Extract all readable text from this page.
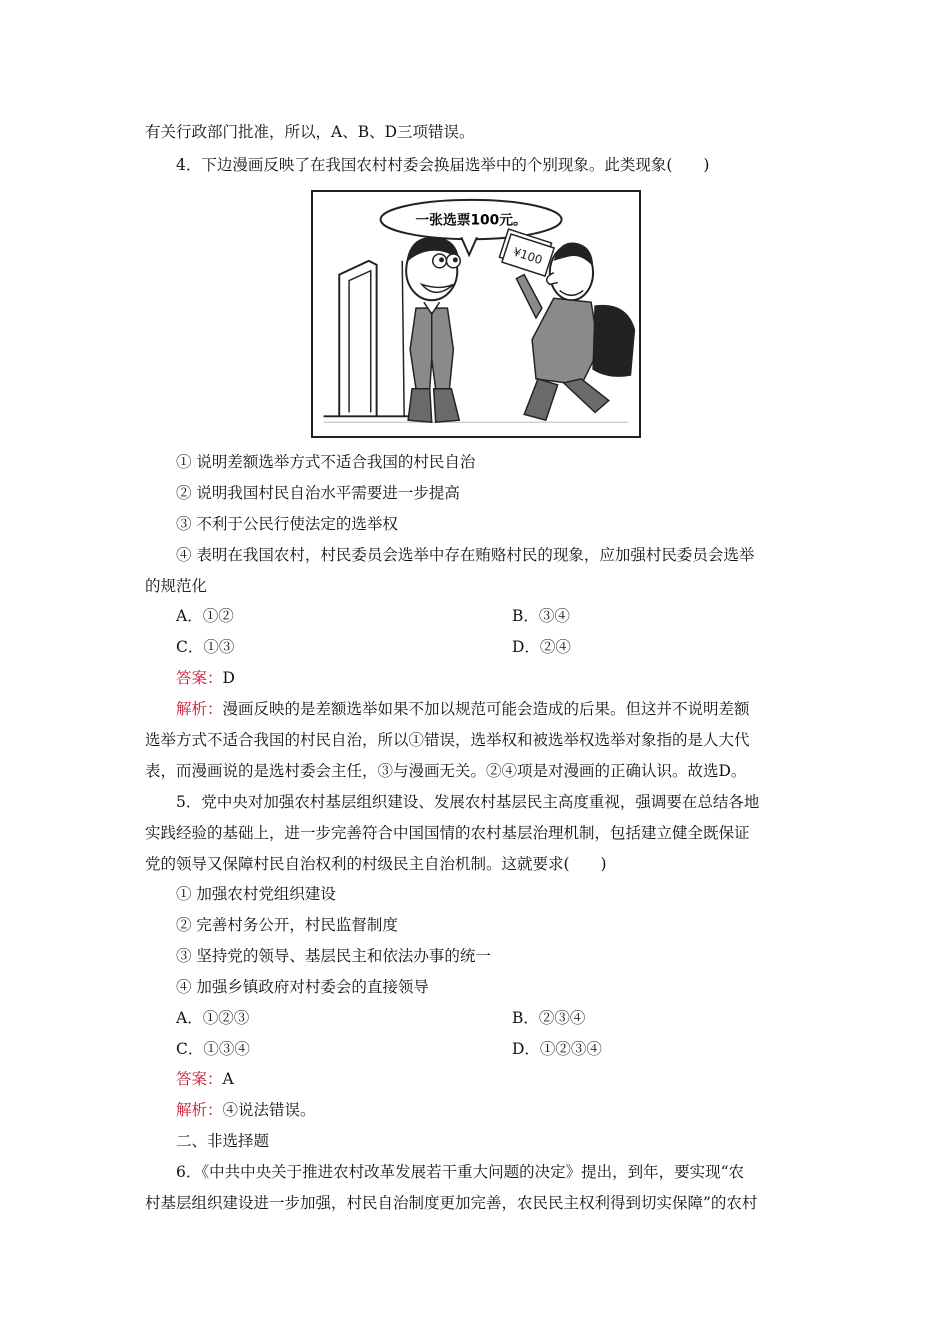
有关行政部门批准，所以，A、B、D三项错误。
4．下边漫画反映了在我国农村村委会换届选举中的个别现象。此类现象(　　)
一张选票100元。
¥100
① 说明差额选举方式不适合我国的村民自治
② 说明我国村民自治水平需要进一步提高
③ 不利于公民行使法定的选举权
④ 表明在我国农村，村民委员会选举中存在贿赂村民的现象，应加强村民委员会选举
的规范化
A．①②	B．③④
C．①③	D．②④
答案：D
解析：漫画反映的是差额选举如果不加以规范可能会造成的后果。但这并不说明差额
选举方式不适合我国的村民自治，所以①错误，选举权和被选举权选举对象指的是人大代
表，而漫画说的是选村委会主任，③与漫画无关。②④项是对漫画的正确认识。故选D。
5．党中央对加强农村基层组织建设、发展农村基层民主高度重视，强调要在总结各地
实践经验的基础上，进一步完善符合中国国情的农村基层治理机制，包括建立健全既保证
党的领导又保障村民自治权利的村级民主自治机制。这就要求(　　)
① 加强农村党组织建设
② 完善村务公开，村民监督制度
③ 坚持党的领导、基层民主和依法办事的统一
④ 加强乡镇政府对村委会的直接领导
A．①②③	B．②③④
C．①③④	D．①②③④
答案：A
解析：④说法错误。
二、非选择题
6．《中共中央关于推进农村改革发展若干重大问题的决定》提出，到年，要实现“农
村基层组织建设进一步加强，村民自治制度更加完善，农民民主权利得到切实保障”的农村
